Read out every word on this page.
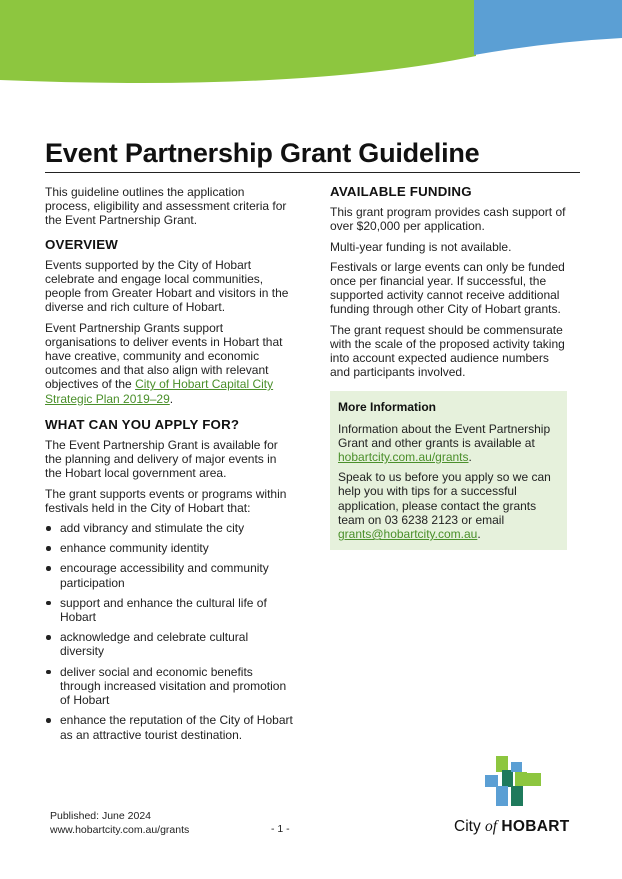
Event Partnership Grant Guideline

This guideline outlines the application process, eligibility and assessment criteria for the Event Partnership Grant.

OVERVIEW

Events supported by the City of Hobart celebrate and engage local communities, people from Greater Hobart and visitors in the diverse and rich culture of Hobart.

Event Partnership Grants support organisations to deliver events in Hobart that have creative, community and economic outcomes and that also align with relevant objectives of the City of Hobart Capital City Strategic Plan 2019–29.

WHAT CAN YOU APPLY FOR?

The Event Partnership Grant is available for the planning and delivery of major events in the Hobart local government area.

The grant supports events or programs within festivals held in the City of Hobart that:

add vibrancy and stimulate the city
enhance community identity
encourage accessibility and community participation
support and enhance the cultural life of Hobart
acknowledge and celebrate cultural diversity
deliver social and economic benefits through increased visitation and promotion of Hobart
enhance the reputation of the City of Hobart as an attractive tourist destination.
AVAILABLE FUNDING

This grant program provides cash support of over $20,000 per application.

Multi-year funding is not available.

Festivals or large events can only be funded once per financial year. If successful, the supported activity cannot receive additional funding through other City of Hobart grants.

The grant request should be commensurate with the scale of the proposed activity taking into account expected audience numbers and participants involved.

More Information

Information about the Event Partnership Grant and other grants is available at hobartcity.com.au/grants.

Speak to us before you apply so we can help you with tips for a successful application, please contact the grants team on 03 6238 2123 or email grants@hobartcity.com.au.

Published: June 2024
www.hobartcity.com.au/grants	- 1 -	City of HOBART
